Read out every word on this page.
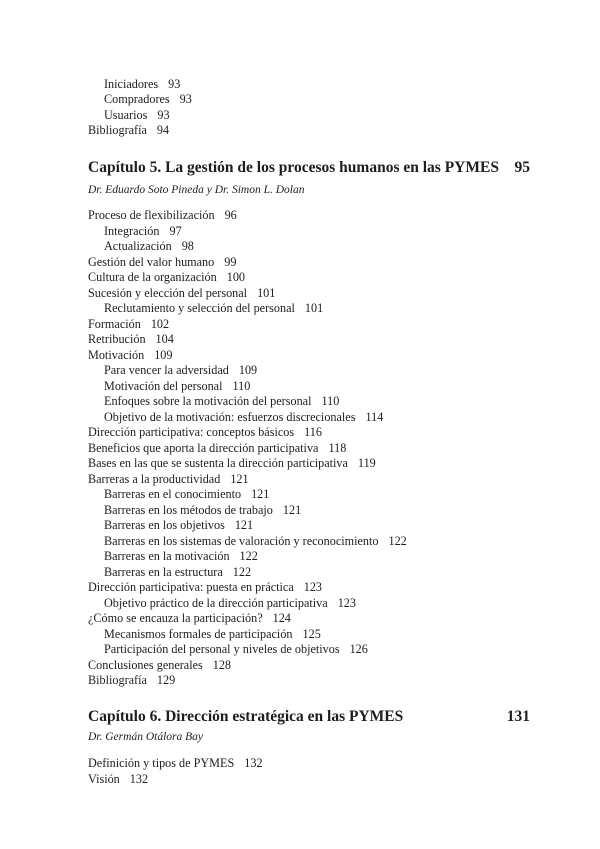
Iniciadores 93
Compradores 93
Usuarios 93
Bibliografía 94
Proceso de flexibilización 96
Integración 97
Actualización 98
Gestión del valor humano 99
Cultura de la organización 100
Sucesión y elección del personal 101
Reclutamiento y selección del personal 101
Formación 102
Retribución 104
Motivación 109
Para vencer la adversidad 109
Motivación del personal 110
Enfoques sobre la motivación del personal 110
Objetivo de la motivación: esfuerzos discrecionales 114
Dirección participativa: conceptos básicos 116
Beneficios que aporta la dirección participativa 118
Bases en las que se sustenta la dirección participativa 119
Barreras a la productividad 121
Barreras en el conocimiento 121
Barreras en los métodos de trabajo 121
Barreras en los objetivos 121
Barreras en los sistemas de valoración y reconocimiento 122
Barreras en la motivación 122
Barreras en la estructura 122
Dirección participativa: puesta en práctica 123
Objetivo práctico de la dirección participativa 123
¿Cómo se encauza la participación? 124
Mecanismos formales de participación 125
Participación del personal y niveles de objetivos 126
Conclusiones generales 128
Bibliografía 129
Definición y tipos de PYMES 132
Visión 132
Capítulo 5. La gestión de los procesos humanos en las PYMES 95
Dr. Eduardo Soto Pineda y Dr. Simon L. Dolan
Capítulo 6. Dirección estratégica en las PYMES	131
Dr. Germán Otálora Bay
